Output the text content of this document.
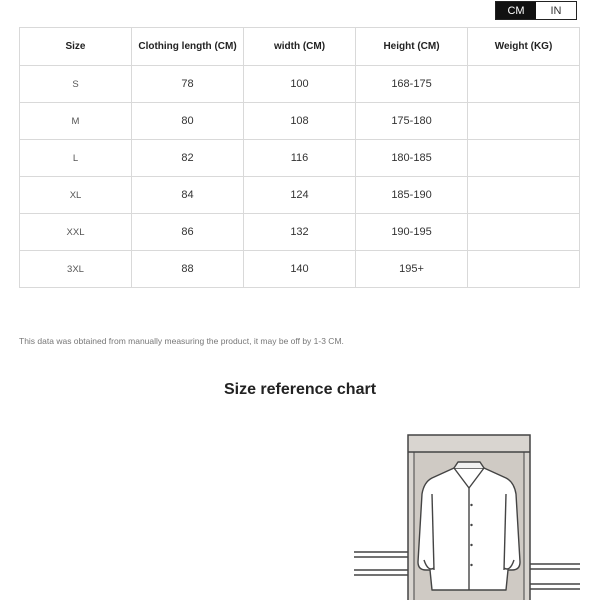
CM	IN
Size	Clothing length (CM)	width (CM)	Height (CM)	Weight (KG)
S	78	100	168-175	
M	80	108	175-180	
L	82	116	180-185	
XL	84	124	185-190	
XXL	86	132	190-195	
3XL	88	140	195+	
This data was obtained from manually measuring the product, it may be off by 1-3 CM.
Size reference chart
